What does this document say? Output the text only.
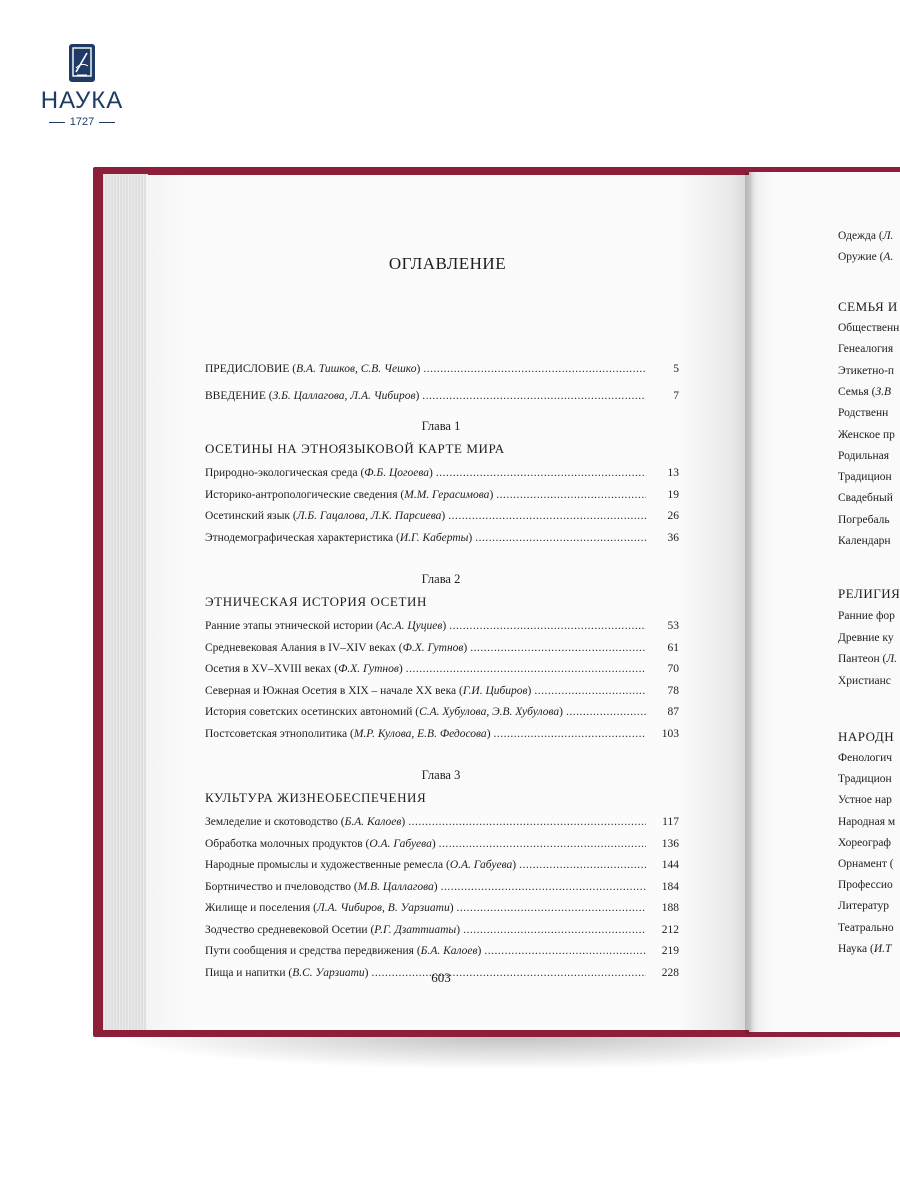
НАУКА
1727
ОГЛАВЛЕНИЕ
603
ПРЕДИСЛОВИЕ (В.А. Тишков, С.В. Чешко) .....	5
ВВЕДЕНИЕ (З.Б. Цаллагова, Л.А. Чибиров) .....	7
Глава 1
ОСЕТИНЫ НА ЭТНОЯЗЫКОВОЙ КАРТЕ МИРА
Природно-экологическая среда (Ф.Б. Цогоева) .....	13
Историко-антропологические сведения (М.М. Герасимова) .....	19
Осетинский язык (Л.Б. Гацалова, Л.К. Парсиева) .....	26
Этнодемографическая характеристика (И.Г. Каберты) .....	36
Глава 2
ЭТНИЧЕСКАЯ ИСТОРИЯ ОСЕТИН
Ранние этапы этнической истории (Ас.А. Цуциев) .....	53
Средневековая Алания в IV–XIV веках (Ф.Х. Гутнов) .....	61
Осетия в XV–XVIII веках (Ф.Х. Гутнов) .....	70
Северная и Южная Осетия в XIX – начале XX века (Г.И. Цибиров) .....	78
История советских осетинских автономий (С.А. Хубулова, Э.В. Хубулова) .....	87
Постсоветская этнополитика (М.Р. Кулова, Е.В. Федосова) .....	103
Глава 3
КУЛЬТУРА ЖИЗНЕОБЕСПЕЧЕНИЯ
Земледелие и скотоводство (Б.А. Калоев) .....	117
Обработка молочных продуктов (О.А. Габуева) .....	136
Народные промыслы и художественные ремесла (О.А. Габуева) .....	144
Бортничество и пчеловодство (М.В. Цаллагова) .....	184
Жилище и поселения (Л.А. Чибиров, В. Уарзиати) .....	188
Зодчество средневековой Осетии (Р.Г. Дзаттиаты) .....	212
Пути сообщения и средства передвижения (Б.А. Калоев) .....	219
Пища и напитки (В.С. Уарзиати) .....	228
Одежда (Л.
Оружие (А.
СЕМЬЯ И
Общественн
Генеалогия
Этикетно-п
Семья (З.В
Родственн
Женское пр
Родильная
Традицион
Свадебный
Погребаль
Календарн
РЕЛИГИЯ
Ранние фор
Древние ку
Пантеон (Л.
Христианс
НАРОДН
Фенологич
Традицион
Устное нар
Народная м
Хореограф
Орнамент (
Профессио
Литератур
Театрально
Наука (И.Т
